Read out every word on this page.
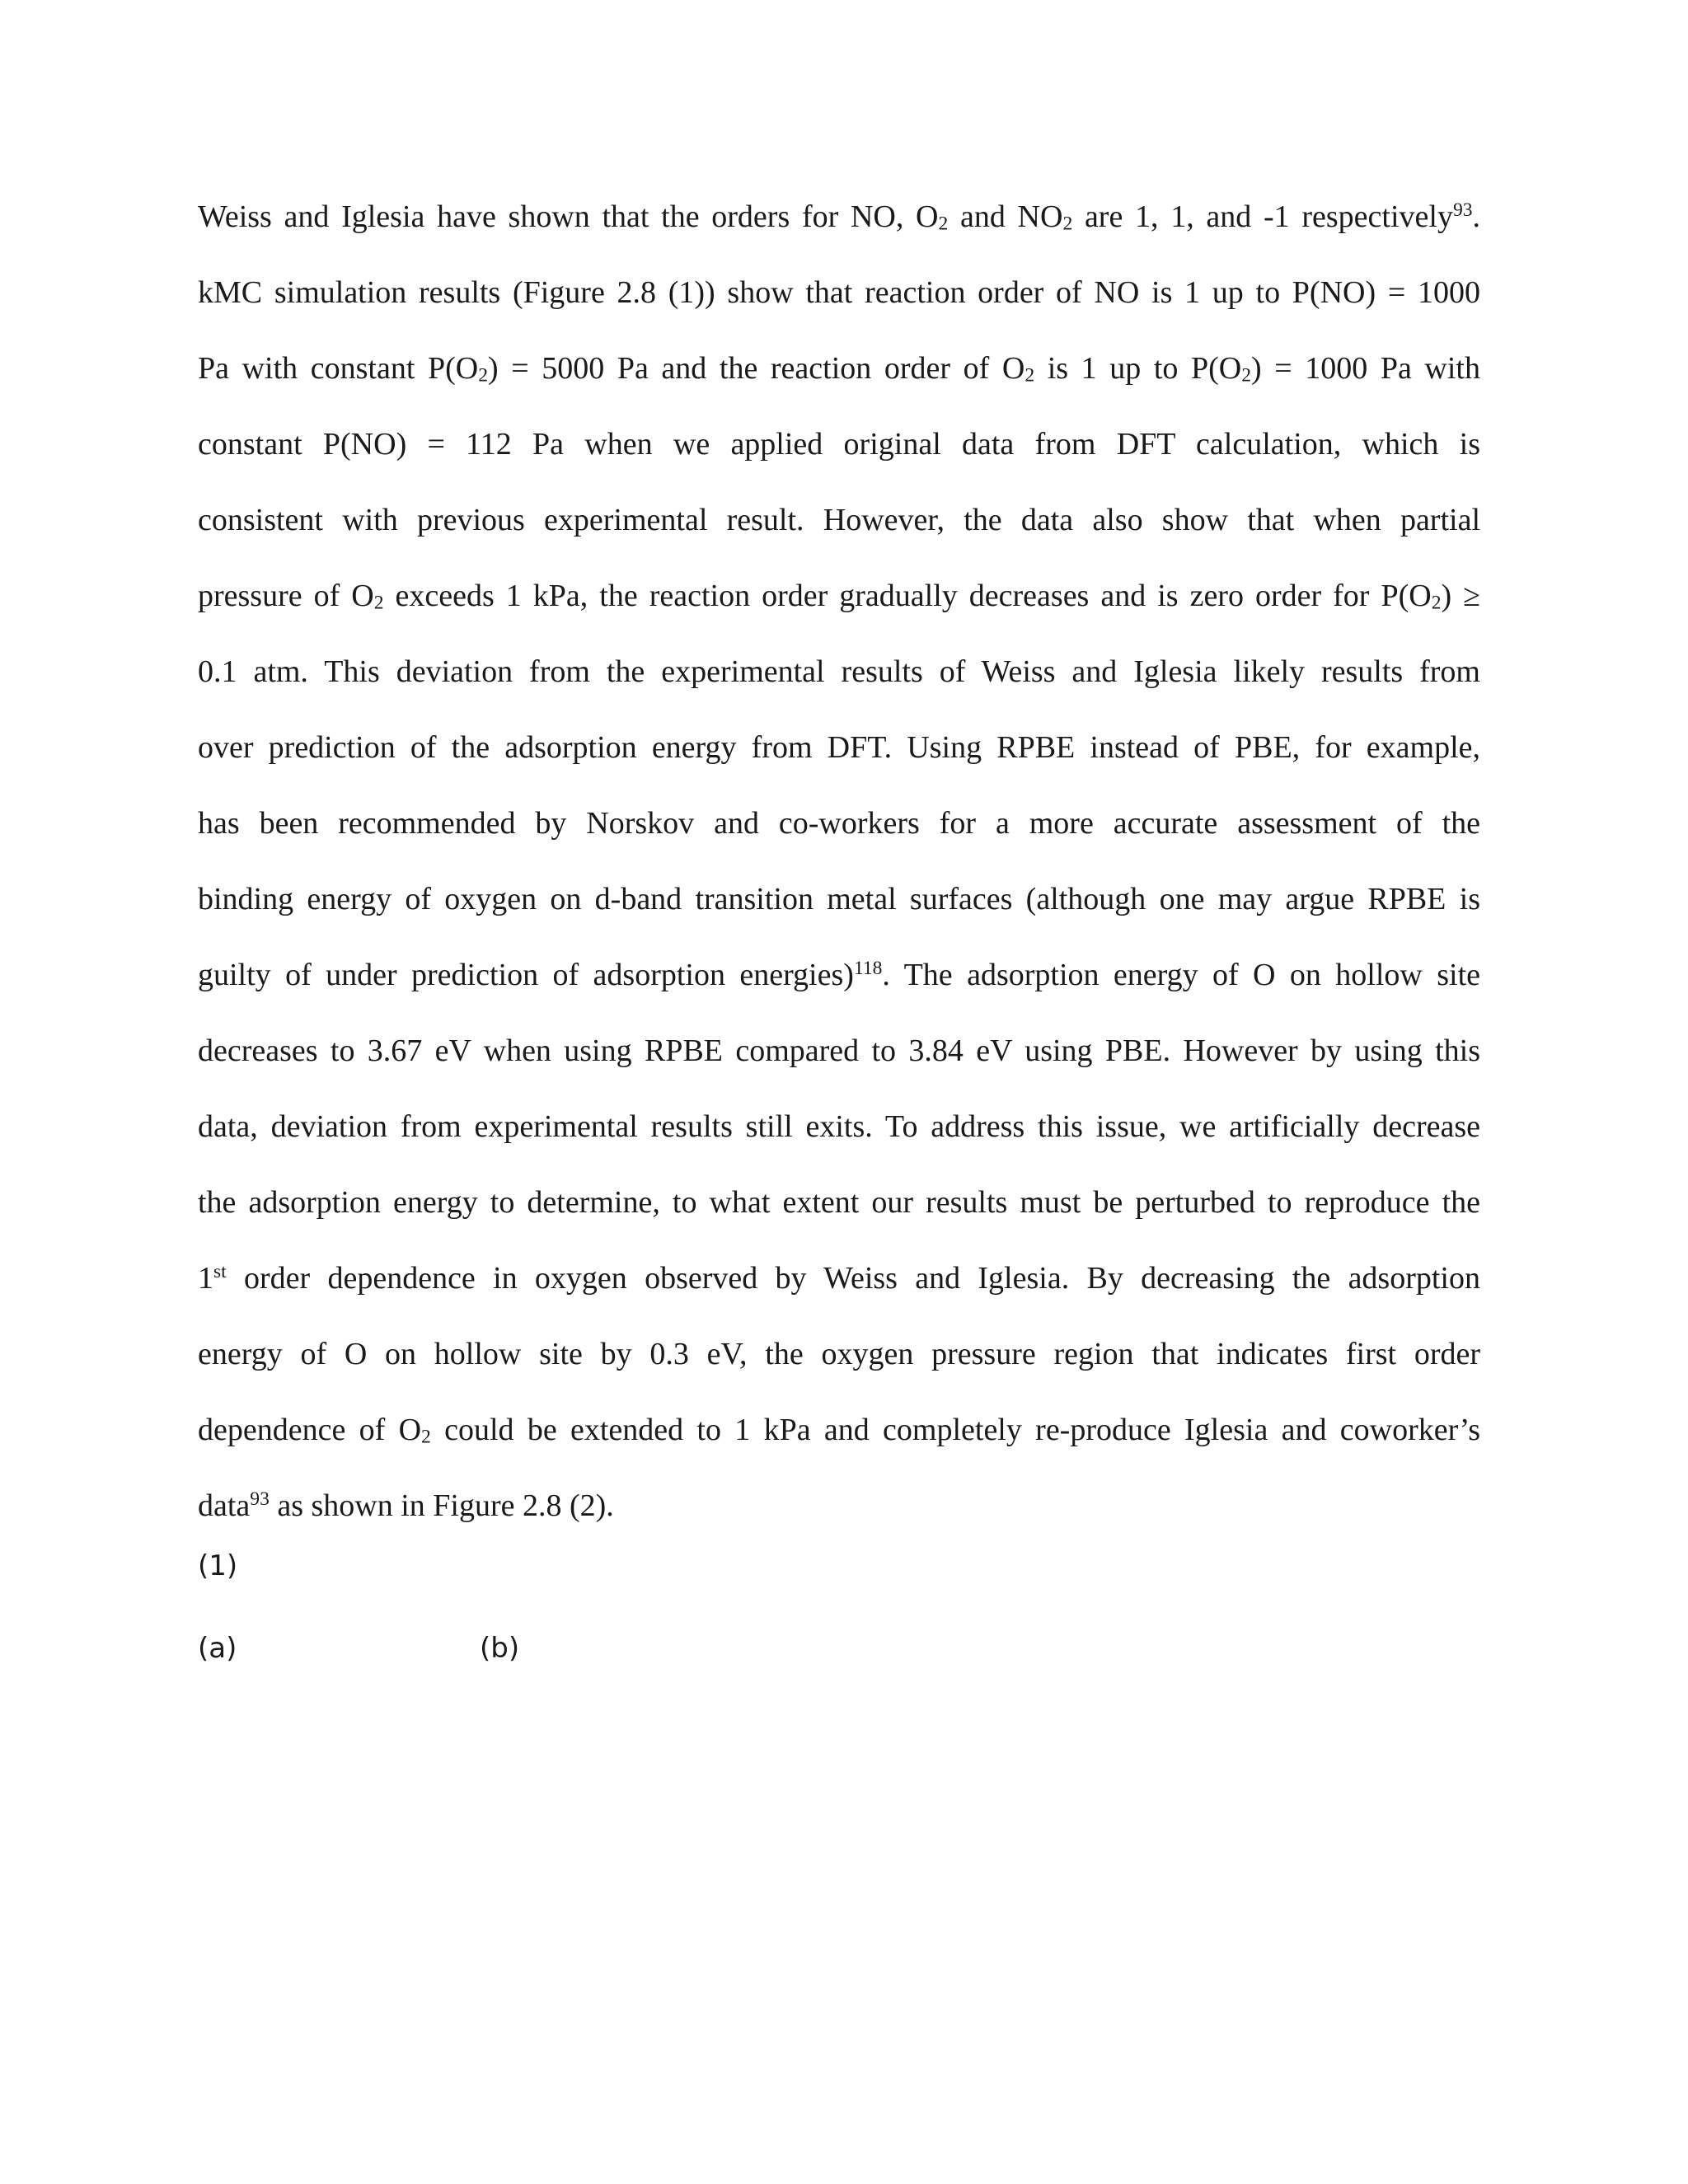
Weiss and Iglesia have shown that the orders for NO, $O_2$ and $NO_2$ are 1, 1, and -1 respectively$^{93}$.
kMC simulation results (Figure 2.8 (1)) show that reaction order of NO is 1 up to P(NO) = 1000
Pa with constant $P(O_2) = 5000$ Pa and the reaction order of $O_2$ is 1 up to $P(O_2) = 1000$ Pa with
constant P(NO) = 112 Pa when we applied original data from DFT calculation, which is
consistent with previous experimental result. However, the data also show that when partial
pressure of $O_2$ exceeds 1 kPa, the reaction order gradually decreases and is zero order for $P(O_2)$ ≥
0.1 atm. This deviation from the experimental results of Weiss and Iglesia likely results from
over prediction of the adsorption energy from DFT. Using RPBE instead of PBE, for example,
has been recommended by Norskov and co-workers for a more accurate assessment of the
binding energy of oxygen on d-band transition metal surfaces (although one may argue RPBE is
guilty of under prediction of adsorption energies)$^{118}$. The adsorption energy of O on hollow site
decreases to 3.67 eV when using RPBE compared to 3.84 eV using PBE. However by using this
data, deviation from experimental results still exits. To address this issue, we artificially decrease
the adsorption energy to determine, to what extent our results must be perturbed to reproduce the
1st order dependence in oxygen observed by Weiss and Iglesia. By decreasing the adsorption
energy of O on hollow site by 0.3 eV, the oxygen pressure region that indicates first order
dependence of $O_2$ could be extended to 1 kPa and completely re-produce Iglesia and coworker’s
data$^{93}$ as shown in Figure 2.8 (2).
(1)
(a)	(b)
